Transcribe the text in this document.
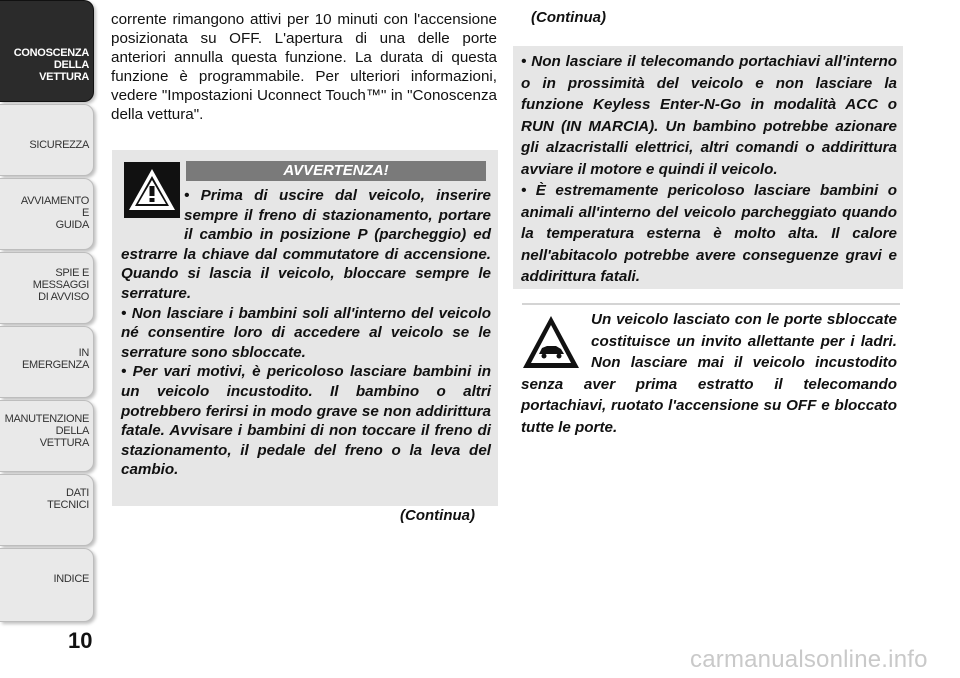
CONOSCENZA
DELLA
VETTURA
SICUREZZA
AVVIAMENTO
E
GUIDA
SPIE E
MESSAGGI
DI AVVISO
IN
EMERGENZA
MANUTENZIONE
DELLA
VETTURA
DATI
TECNICI
INDICE
10

corrente rimangono attivi per 10 minuti con l'accensione posizionata su OFF. L'apertura di una delle porte anteriori annulla questa funzione. La durata di questa funzione è programmabile. Per ulteriori informazioni, vedere "Impostazioni Uconnect Touch™" in "Conoscenza della vettura".

AVVERTENZA!

• Prima di uscire dal veicolo, inserire sempre il freno di stazionamento, portare il cambio in posizione P (parcheggio) ed estrarre la chiave dal commutatore di accensione. Quando si lascia il veicolo, bloccare sempre le serrature.
• Non lasciare i bambini soli all'interno del veicolo né consentire loro di accedere al veicolo se le serrature sono sbloccate.
• Per vari motivi, è pericoloso lasciare bambini in un veicolo incustodito. Il bambino o altri potrebbero ferirsi in modo grave se non addirittura fatale. Avvisare i bambini di non toccare il freno di stazionamento, il pedale del freno o la leva del cambio.

(Continua)
(Continua)

• Non lasciare il telecomando portachiavi all'interno o in prossimità del veicolo e non lasciare la funzione Keyless Enter-N-Go in modalità ACC o RUN (IN MARCIA). Un bambino potrebbe azionare gli alzacristalli elettrici, altri comandi o addirittura avviare il motore e quindi il veicolo.
• È estremamente pericoloso lasciare bambini o animali all'interno del veicolo parcheggiato quando la temperatura esterna è molto alta. Il calore nell'abitacolo potrebbe avere conseguenze gravi e addirittura fatali.

Un veicolo lasciato con le porte sbloccate costituisce un invito allettante per i ladri. Non lasciare mai il veicolo incustodito senza aver prima estratto il telecomando portachiavi, ruotato l'accensione su OFF e bloccato tutte le porte.

carmanualsonline.info
